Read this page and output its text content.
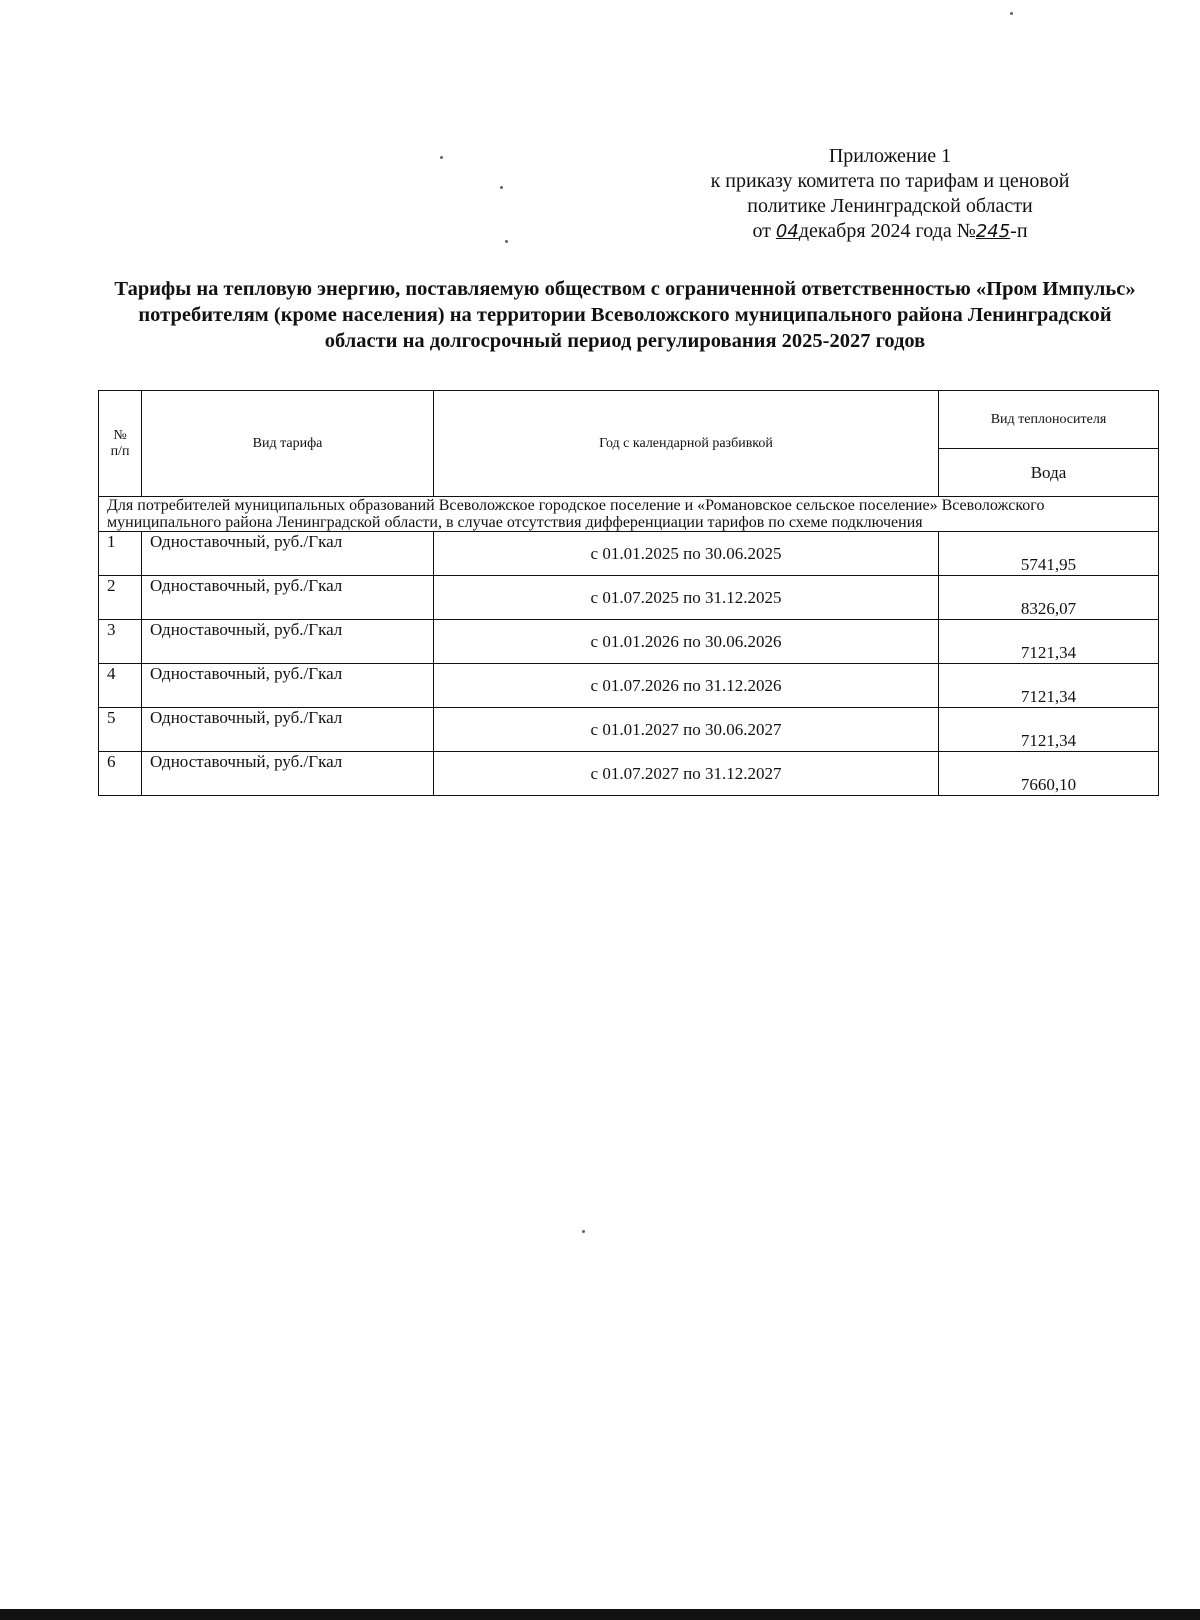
Приложение 1
к приказу комитета по тарифам и ценовой
политике Ленинградской области
от 04декабря 2024 года №245-п
Тарифы на тепловую энергию, поставляемую обществом с ограниченной ответственностью «Пром Импульс» потребителям (кроме населения) на территории Всеволожского муниципального района Ленинградской области на долгосрочный период регулирования 2025-2027 годов
№ п/п	Вид тарифа	Год с календарной разбивкой	Вид теплоносителя
			Вода
Для потребителей муниципальных образований Всеволожское городское поселение и «Романовское сельское поселение» Всеволожского муниципального района Ленинградской области, в случае отсутствия дифференциации тарифов по схеме подключения			
1	Одноставочный, руб./Гкал	с 01.01.2025 по 30.06.2025	5741,95
2	Одноставочный, руб./Гкал	с 01.07.2025 по 31.12.2025	8326,07
3	Одноставочный, руб./Гкал	с 01.01.2026 по 30.06.2026	7121,34
4	Одноставочный, руб./Гкал	с 01.07.2026 по 31.12.2026	7121,34
5	Одноставочный, руб./Гкал	с 01.01.2027 по 30.06.2027	7121,34
6	Одноставочный, руб./Гкал	с 01.07.2027 по 31.12.2027	7660,10
